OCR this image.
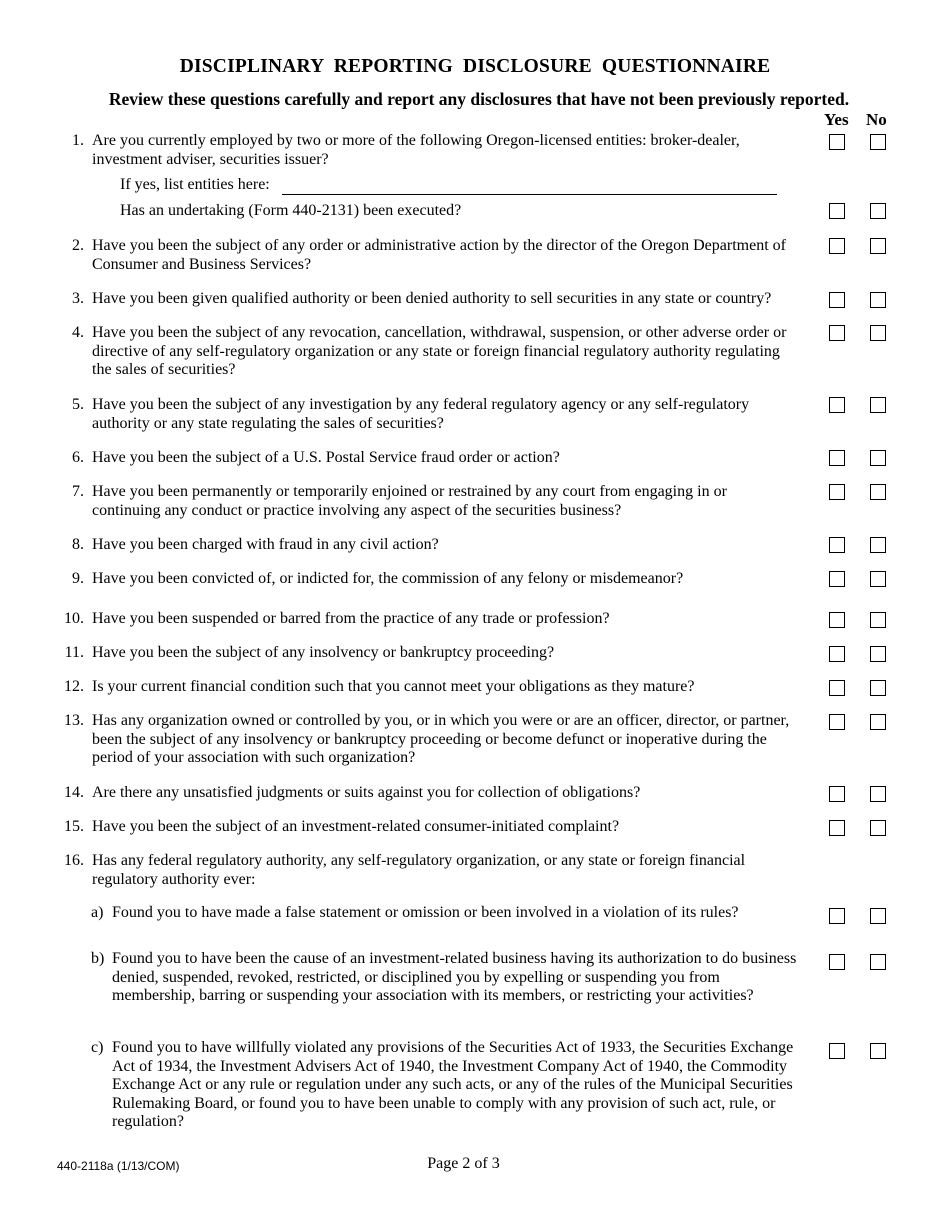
DISCIPLINARY REPORTING DISCLOSURE QUESTIONNAIRE
Review these questions carefully and report any disclosures that have not been previously reported.
Yes No
1. Are you currently employed by two or more of the following Oregon-licensed entities: broker-dealer, investment adviser, securities issuer?
If yes, list entities here:
Has an undertaking (Form 440-2131) been executed?
2. Have you been the subject of any order or administrative action by the director of the Oregon Department of Consumer and Business Services?
3. Have you been given qualified authority or been denied authority to sell securities in any state or country?
4. Have you been the subject of any revocation, cancellation, withdrawal, suspension, or other adverse order or directive of any self-regulatory organization or any state or foreign financial regulatory authority regulating the sales of securities?
5. Have you been the subject of any investigation by any federal regulatory agency or any self-regulatory authority or any state regulating the sales of securities?
6. Have you been the subject of a U.S. Postal Service fraud order or action?
7. Have you been permanently or temporarily enjoined or restrained by any court from engaging in or continuing any conduct or practice involving any aspect of the securities business?
8. Have you been charged with fraud in any civil action?
9. Have you been convicted of, or indicted for, the commission of any felony or misdemeanor?
10. Have you been suspended or barred from the practice of any trade or profession?
11. Have you been the subject of any insolvency or bankruptcy proceeding?
12. Is your current financial condition such that you cannot meet your obligations as they mature?
13. Has any organization owned or controlled by you, or in which you were or are an officer, director, or partner, been the subject of any insolvency or bankruptcy proceeding or become defunct or inoperative during the period of your association with such organization?
14. Are there any unsatisfied judgments or suits against you for collection of obligations?
15. Have you been the subject of an investment-related consumer-initiated complaint?
16. Has any federal regulatory authority, any self-regulatory organization, or any state or foreign financial regulatory authority ever:
a) Found you to have made a false statement or omission or been involved in a violation of its rules?
b) Found you to have been the cause of an investment-related business having its authorization to do business denied, suspended, revoked, restricted, or disciplined you by expelling or suspending you from membership, barring or suspending your association with its members, or restricting your activities?
c) Found you to have willfully violated any provisions of the Securities Act of 1933, the Securities Exchange Act of 1934, the Investment Advisers Act of 1940, the Investment Company Act of 1940, the Commodity Exchange Act or any rule or regulation under any such acts, or any of the rules of the Municipal Securities Rulemaking Board, or found you to have been unable to comply with any provision of such act, rule, or regulation?
440-2118a (1/13/COM)	Page 2 of 3
